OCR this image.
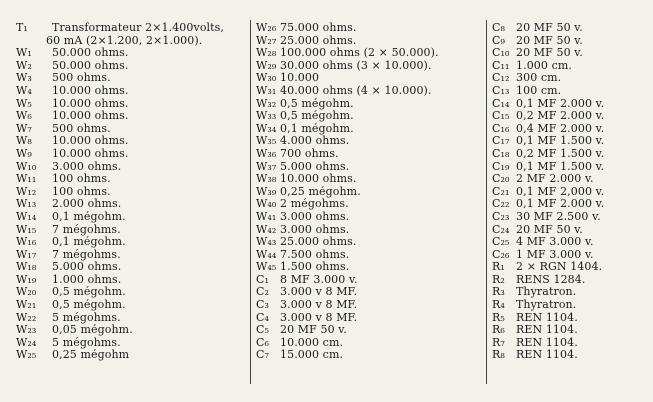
T₁	Transformateur 2×1.400volts,
60 mA (2×1.200, 2×1.000).
W₁	50.000 ohms.
W₂	50.000 ohms.
W₃	500 ohms.
W₄	10.000 ohms.
W₅	10.000 ohms.
W₆	10.000 ohms.
W₇	500 ohms.
W₈	10.000 ohms.
W₉	10.000 ohms.
W₁₀	3.000 ohms.
W₁₁	100 ohms.
W₁₂	100 ohms.
W₁₃	2.000 ohms.
W₁₄	0,1 mégohm.
W₁₅	7 mégohms.
W₁₆	0,1 mégohm.
W₁₇	7 mégohms.
W₁₈	5.000 ohms.
W₁₉	1.000 ohms.
W₂₀	0,5 mégohm.
W₂₁	0,5 mégohm.
W₂₂	5 mégohms.
W₂₃	0,05 mégohm.
W₂₄	5 mégohms.
W₂₅	0,25 mégohm
W₂₆ 75.000 ohms.
W₂₇ 25.000 ohms.
W₂₈ 100.000 ohms (2 × 50.000).
W₂₉ 30.000 ohms (3 × 10.000).
W₃₀ 10.000
W₃₁ 40.000 ohms (4 × 10.000).
W₃₂ 0,5 mégohm.
W₃₃ 0,5 mégohm.
W₃₄ 0,1 mégohm.
W₃₅ 4.000 ohms.
W₃₆ 700 ohms.
W₃₇ 5.000 ohms.
W₃₈ 10.000 ohms.
W₃₉ 0,25 mégohm.
W₄₀ 2 mégohms.
W₄₁ 3.000 ohms.
W₄₂ 3.000 ohms.
W₄₃ 25.000 ohms.
W₄₄ 7.500 ohms.
W₄₅ 1.500 ohms.
C₁ 8 MF 3.000 v.
C₂ 3.000 v 8 MF.
C₃ 3.000 v 8 MF.
C₄ 3.000 v 8 MF.
C₅ 20 MF 50 v.
C₆ 10.000 cm.
C₇ 15.000 cm.
C₈ 20 MF 50 v.
C₉ 20 MF 50 v.
C₁₀ 20 MF 50 v.
C₁₁ 1.000 cm.
C₁₂ 300 cm.
C₁₃ 100 cm.
C₁₄ 0,1 MF 2.000 v.
C₁₅ 0,2 MF 2.000 v.
C₁₆ 0,4 MF 2.000 v.
C₁₇ 0,1 MF 1.500 v.
C₁₈ 0,2 MF 1.500 v.
C₁₉ 0,1 MF 1.500 v.
C₂₀ 2 MF 2.000 v.
C₂₁ 0,1 MF 2,000 v.
C₂₂ 0,1 MF 2.000 v.
C₂₃ 30 MF 2.500 v.
C₂₄ 20 MF 50 v.
C₂₅ 4 MF 3.000 v.
C₂₆ 1 MF 3.000 v.
R₁	2 × RGN 1404.
R₂	RENS 1284.
R₃	Thyratron.
R₄	Thyratron.
R₅	REN 1104.
R₆	REN 1104.
R₇	REN 1104.
R₈	REN 1104.
